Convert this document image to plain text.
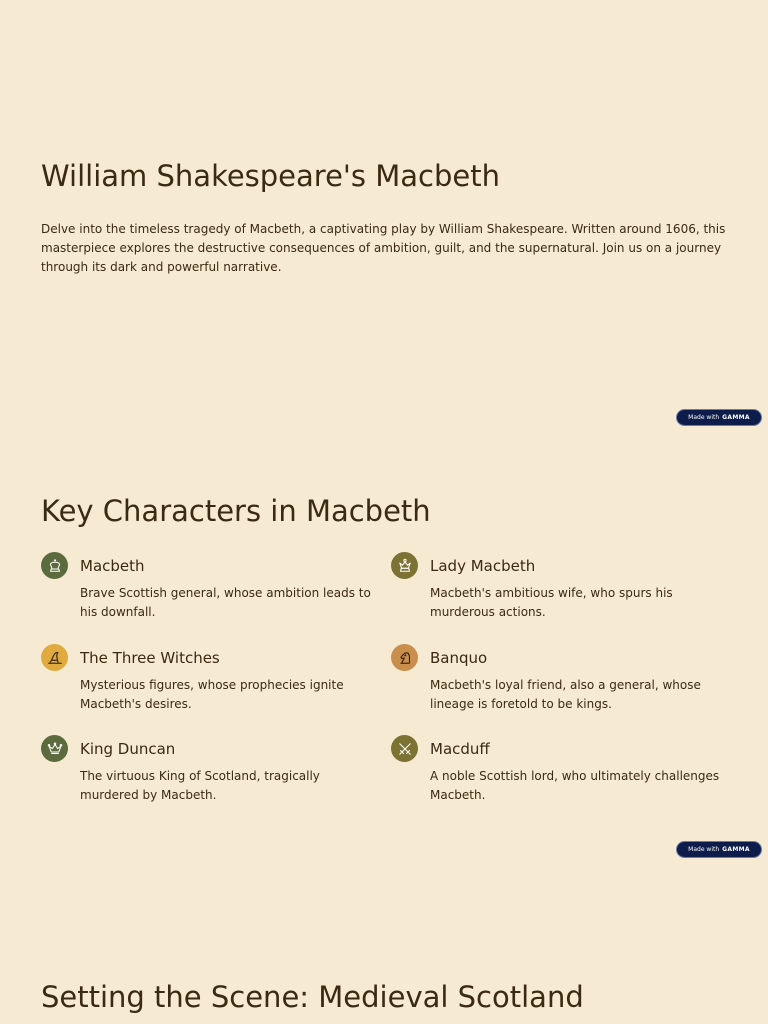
William Shakespeare's Macbeth

Delve into the timeless tragedy of Macbeth, a captivating play by William Shakespeare. Written around 1606, this masterpiece explores the destructive consequences of ambition, guilt, and the supernatural. Join us on a journey through its dark and powerful narrative.

Made with GAMMA
Key Characters in Macbeth
Macbeth

Brave Scottish general, whose ambition leads to his downfall.

Lady Macbeth

Macbeth's ambitious wife, who spurs his murderous actions.

The Three Witches

Mysterious figures, whose prophecies ignite Macbeth's desires.

Banquo

Macbeth's loyal friend, also a general, whose lineage is foretold to be kings.

King Duncan

The virtuous King of Scotland, tragically murdered by Macbeth.

Macduff

A noble Scottish lord, who ultimately challenges Macbeth.

Made with GAMMA
Setting the Scene: Medieval Scotland
